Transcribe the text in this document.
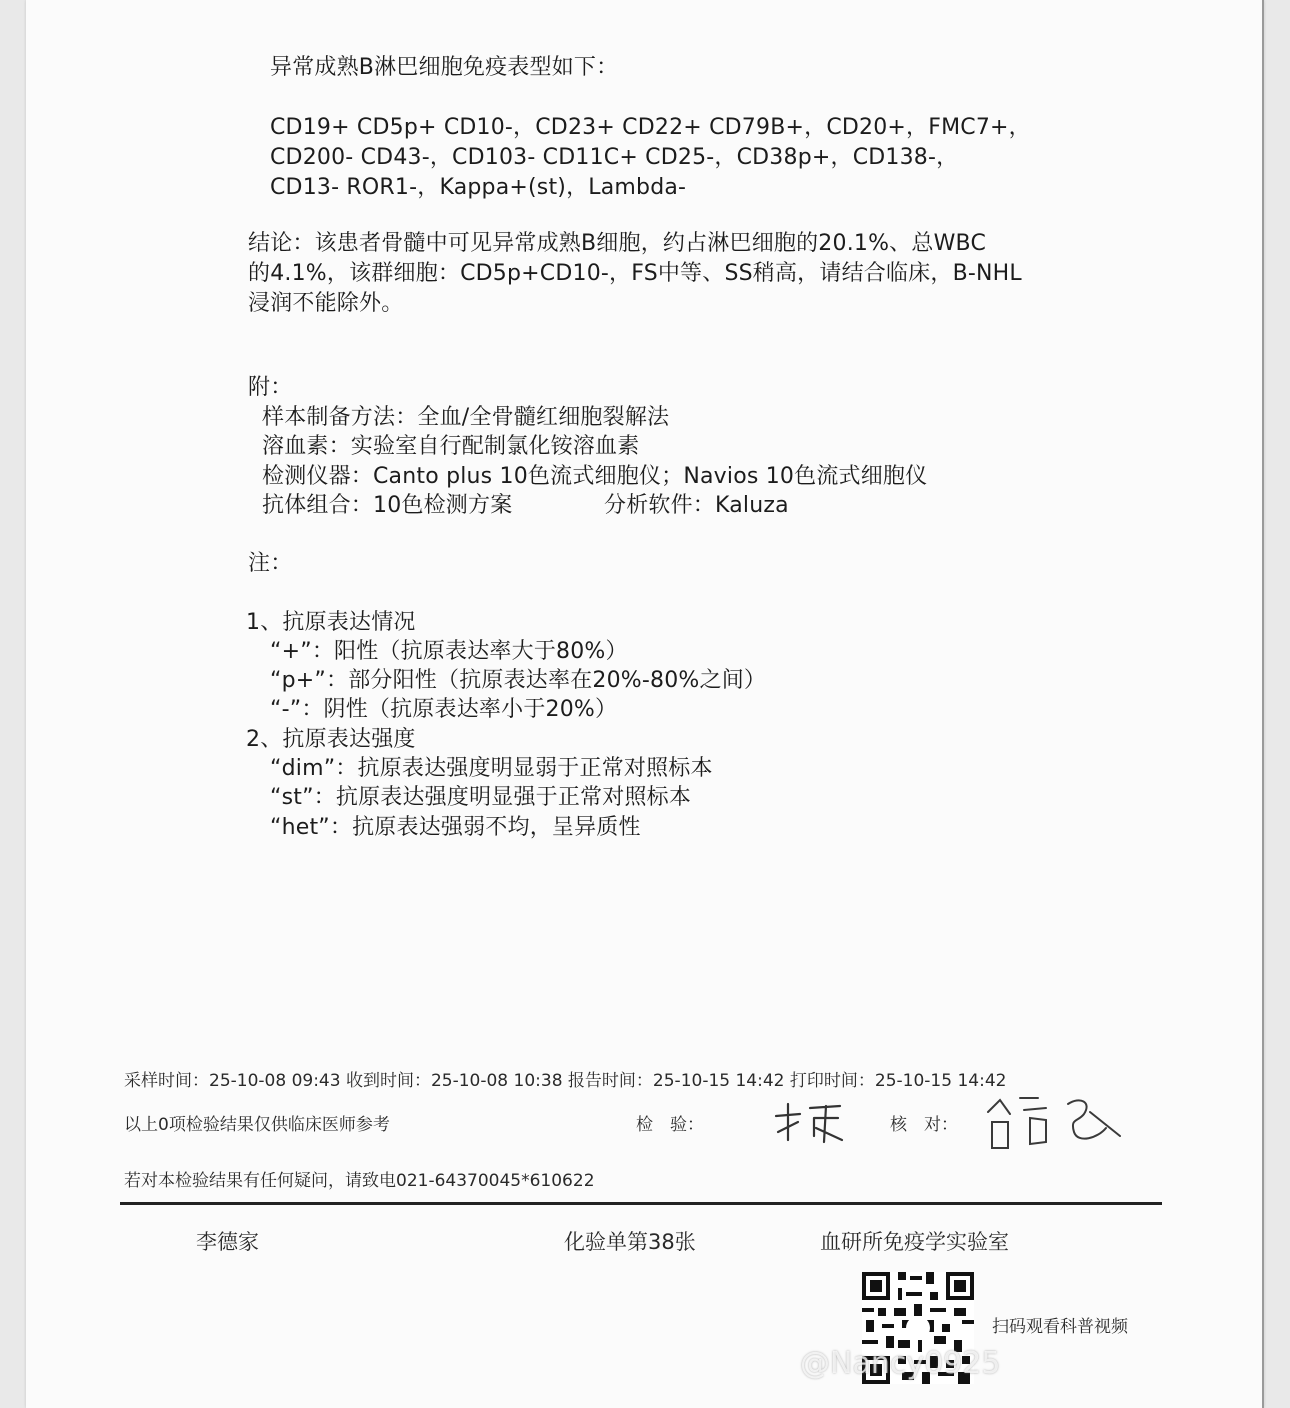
异常成熟B淋巴细胞免疫表型如下：
CD19+ CD5p+ CD10-，CD23+ CD22+ CD79B+，CD20+，FMC7+，
CD200- CD43-，CD103- CD11C+ CD25-，CD38p+，CD138-，
CD13- ROR1-，Kappa+(st)，Lambda-
结论：该患者骨髓中可见异常成熟B细胞，约占淋巴细胞的20.1%、总WBC
的4.1%，该群细胞：CD5p+CD10-，FS中等、SS稍高，请结合临床，B-NHL
浸润不能除外。
附：
样本制备方法：全血/全骨髓红细胞裂解法
溶血素：实验室自行配制氯化铵溶血素
检测仪器：Canto plus 10色流式细胞仪；Navios 10色流式细胞仪
抗体组合：10色检测方案	分析软件：Kaluza
注：
1、抗原表达情况
“+”：阳性（抗原表达率大于80%）
“p+”：部分阳性（抗原表达率在20%-80%之间）
“-”：阴性（抗原表达率小于20%）
2、抗原表达强度
“dim”：抗原表达强度明显弱于正常对照标本
“st”：抗原表达强度明显强于正常对照标本
“het”：抗原表达强弱不均，呈异质性
采样时间：25-10-08 09:43 收到时间：25-10-08 10:38 报告时间：25-10-15 14:42 打印时间：25-10-15 14:42
以上0项检验结果仅供临床医师参考	检　验：	核　对：
若对本检验结果有任何疑问，请致电021-64370045*610622
李德家	化验单第38张	血研所免疫学实验室
扫码观看科普视频
@Nancy0925
